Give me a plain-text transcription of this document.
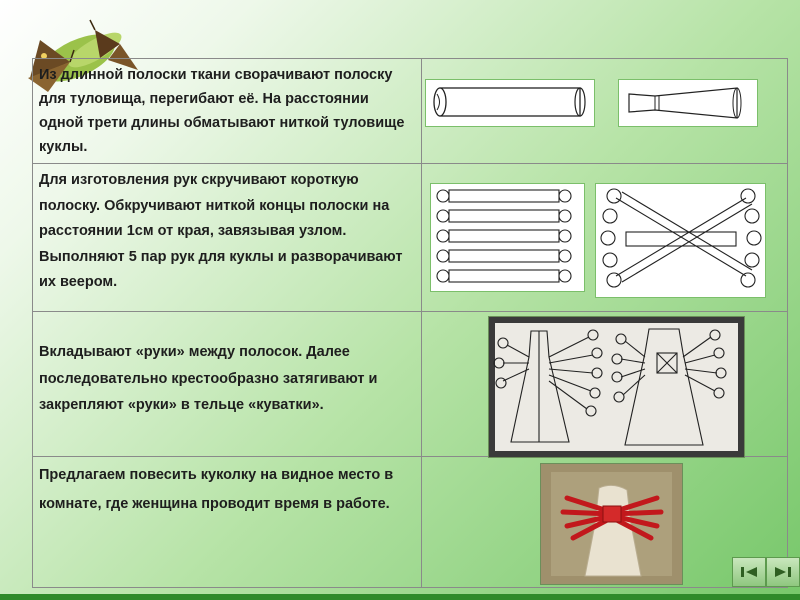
Из длинной полоски ткани сворачивают полоску для туловища, перегибают её. На расстоянии одной трети длины обматывают ниткой туловище куклы.

Для изготовления рук скручивают короткую полоску. Обкручивают ниткой концы полоски на расстоянии 1см от края, завязывая узлом. Выполняют 5 пар рук для куклы и разворачивают их веером.

Вкладывают «руки» между полосок. Далее последовательно крестообразно затягивают и закрепляют «руки» в тельце «куватки».

Предлагаем повесить куколку на видное место в комнате, где женщина проводит время в работе.
